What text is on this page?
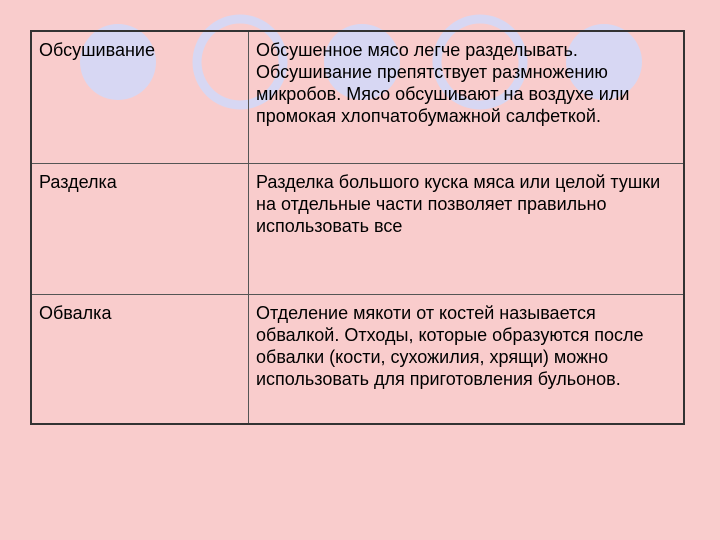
Обсушивание	Обсушенное мясо легче разделывать. Обсушивание препятствует размножению микробов. Мясо обсушивают на воздухе или промокая хлопчатобумажной салфеткой.
Разделка	Разделка большого куска мяса или целой тушки на отдельные части позволяет правильно использовать все
Обвалка	Отделение мякоти от костей называется обвалкой. Отходы, которые образуются после обвалки (кости, сухожилия, хрящи) можно использовать для приготовления бульонов.
